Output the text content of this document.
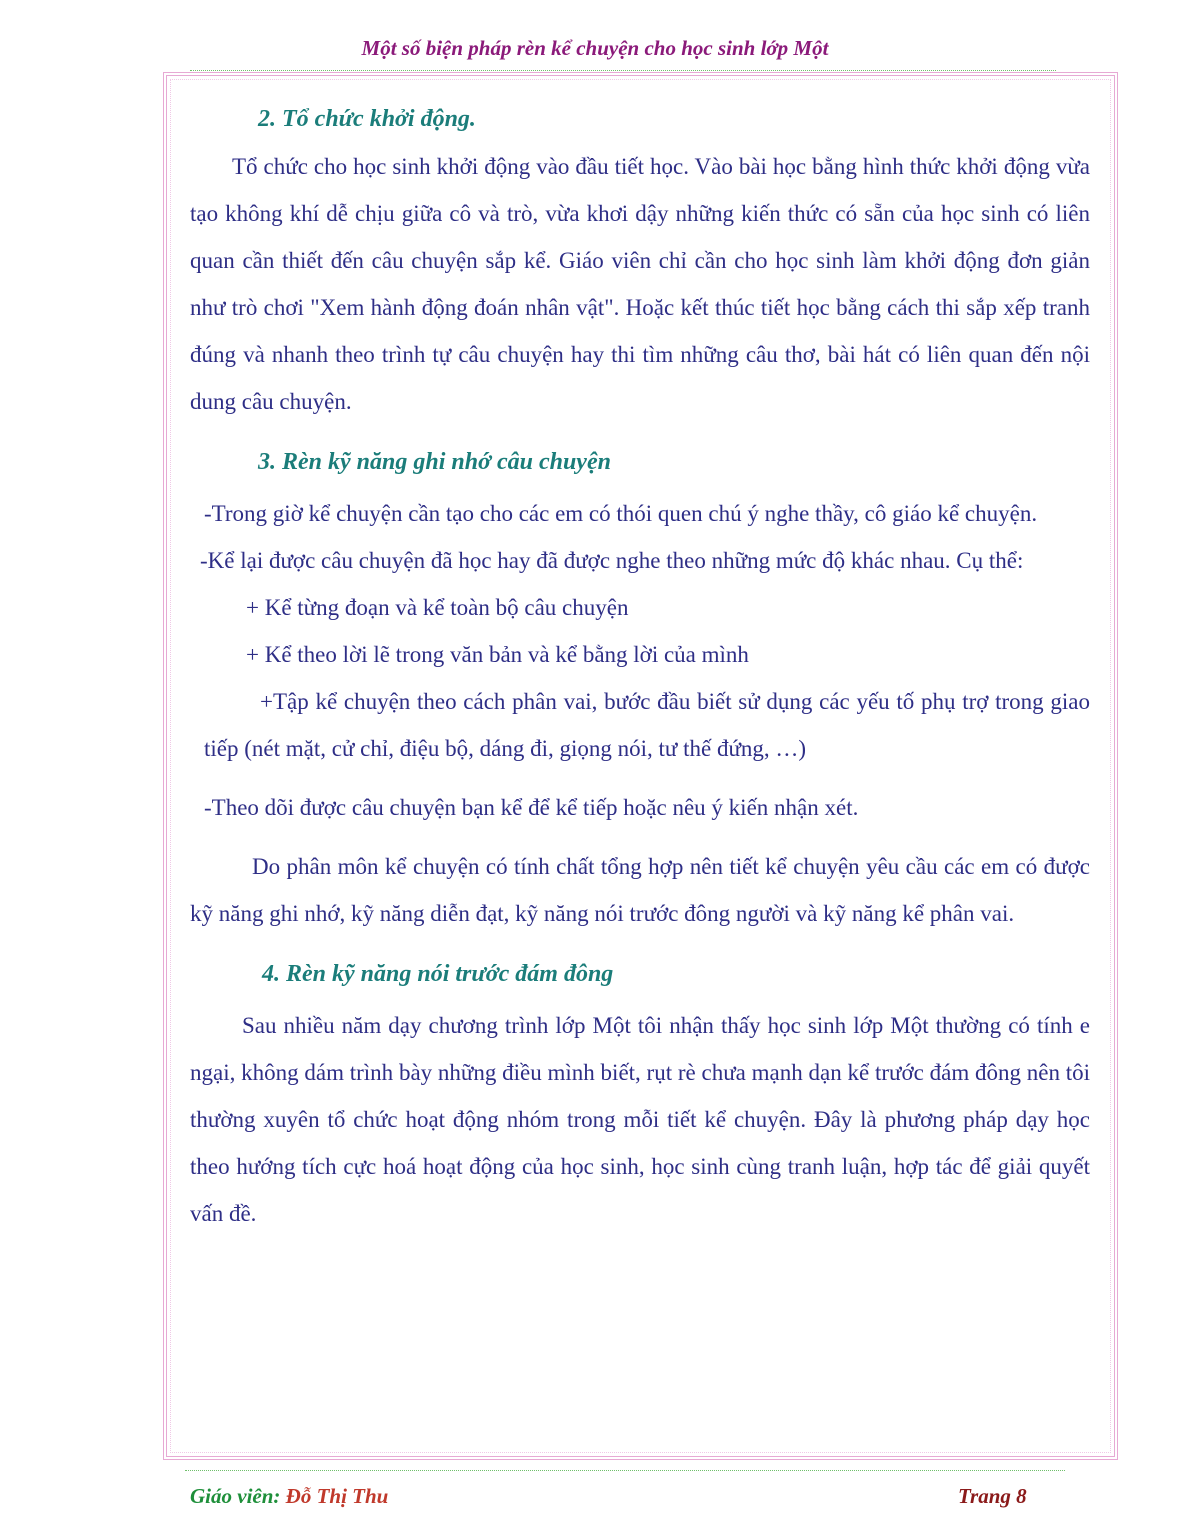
Một số biện pháp rèn kể chuyện cho học sinh lớp Một

2. Tổ chức khởi động.

Tổ chức cho học sinh khởi động vào đầu tiết học. Vào bài học bằng hình thức khởi động vừa tạo không khí dễ chịu giữa cô và trò, vừa khơi dậy những kiến thức có sẵn của học sinh có liên quan cần thiết đến câu chuyện sắp kể. Giáo viên chỉ cần cho học sinh làm khởi động đơn giản như trò chơi "Xem hành động đoán nhân vật". Hoặc kết thúc tiết học bằng cách thi sắp xếp tranh đúng và nhanh theo trình tự câu chuyện hay thi tìm những câu thơ, bài hát có liên quan đến nội dung câu chuyện.

3. Rèn kỹ năng ghi nhớ câu chuyện

-Trong giờ kể chuyện cần tạo cho các em có thói quen chú ý nghe thầy, cô giáo kể chuyện.

-Kể lại được câu chuyện đã học hay đã được nghe theo những mức độ khác nhau. Cụ thể:

+ Kể từng đoạn và kể toàn bộ câu chuyện

+ Kể theo lời lẽ trong văn bản và kể bằng lời của mình

+Tập kể chuyện theo cách phân vai, bước đầu biết sử dụng các yếu tố phụ trợ trong giao tiếp (nét mặt, cử chỉ, điệu bộ, dáng đi, giọng nói, tư thế đứng, …)

-Theo dõi được câu chuyện bạn kể để kể tiếp hoặc nêu ý kiến nhận xét.

Do phân môn kể chuyện có tính chất tổng hợp nên tiết kể chuyện yêu cầu các em có được kỹ năng ghi nhớ, kỹ năng diễn đạt, kỹ năng nói trước đông người và kỹ năng kể phân vai.

4. Rèn kỹ năng nói trước đám đông

Sau nhiều năm dạy chương trình lớp Một tôi nhận thấy học sinh lớp Một thường có tính e ngại, không dám trình bày những điều mình biết, rụt rè chưa mạnh dạn kể trước đám đông nên tôi thường xuyên tổ chức hoạt động nhóm trong mỗi tiết kể chuyện. Đây là phương pháp dạy học theo hướng tích cực hoá hoạt động của học sinh, học sinh cùng tranh luận, hợp tác để giải quyết vấn đề.

Giáo viên: Đỗ Thị Thu	Trang 8
